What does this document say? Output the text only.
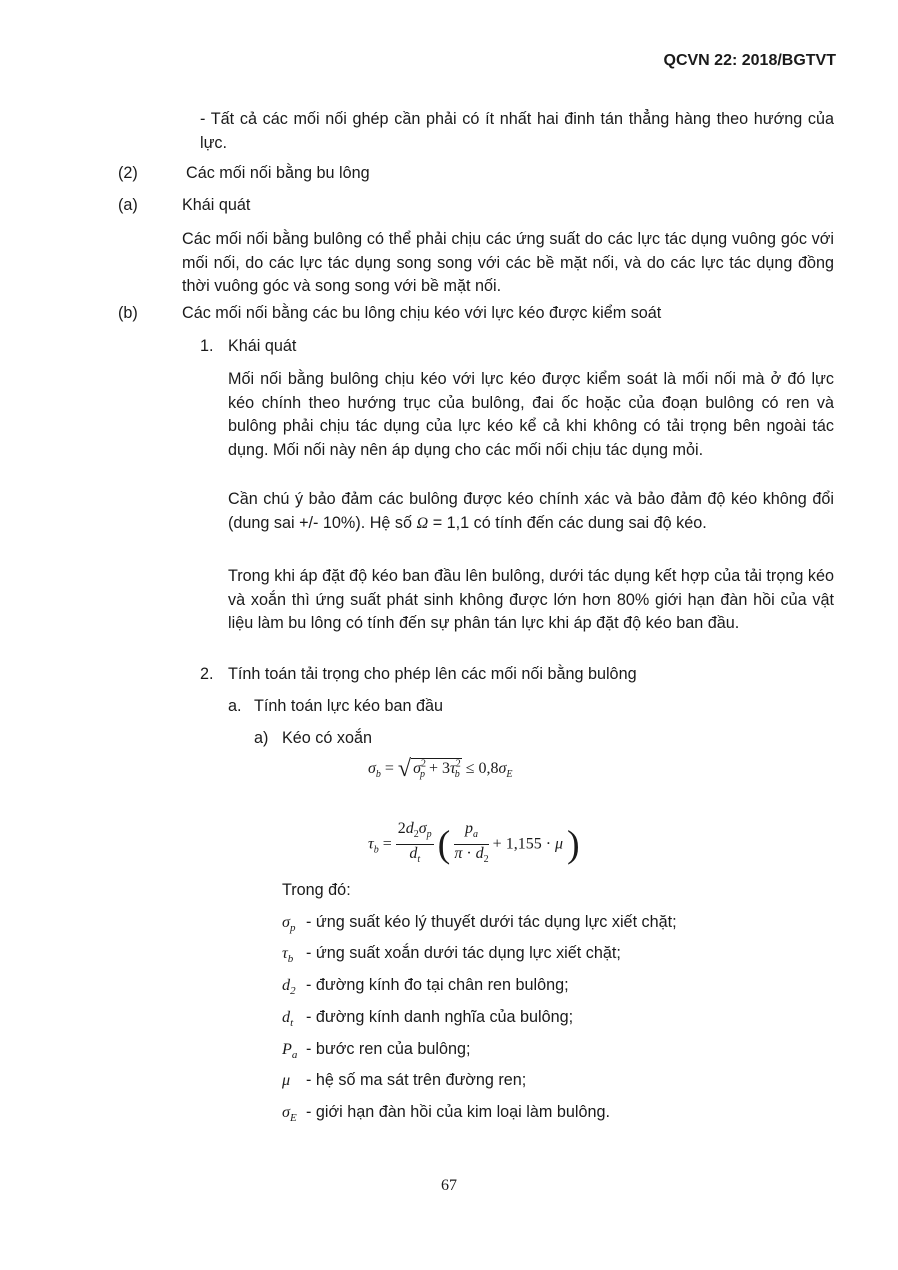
QCVN 22: 2018/BGTVT
- Tất cả các mối nối ghép cần phải có ít nhất hai đinh tán thẳng hàng theo hướng của lực.
(2)	Các mối nối bằng bu lông
(a)	Khái quát
Các mối nối bằng bulông có thể phải chịu các ứng suất do các lực tác dụng vuông góc với mối nối, do các lực tác dụng song song với các bề mặt nối, và do các lực tác dụng đồng thời vuông góc và song song với bề mặt nối.
(b)	Các mối nối bằng các bu lông chịu kéo với lực kéo được kiểm soát
1. Khái quát
Mối nối bằng bulông chịu kéo với lực kéo được kiểm soát là mối nối mà ở đó lực kéo chính theo hướng trục của bulông, đai ốc hoặc của đoạn bulông có ren và bulông phải chịu tác dụng của lực kéo kể cả khi không có tải trọng bên ngoài tác dụng. Mối nối này nên áp dụng cho các mối nối chịu tác dụng mỏi.
Cần chú ý bảo đảm các bulông được kéo chính xác và bảo đảm độ kéo không đổi (dung sai +/- 10%). Hệ số Ω = 1,1 có tính đến các dung sai độ kéo.
Trong khi áp đặt độ kéo ban đầu lên bulông, dưới tác dụng kết hợp của tải trọng kéo và xoắn thì ứng suất phát sinh không được lớn hơn 80% giới hạn đàn hồi của vật liệu làm bu lông có tính đến sự phân tán lực khi áp đặt độ kéo ban đầu.
2. Tính toán tải trọng cho phép lên các mối nối bằng bulông
a. Tính toán lực kéo ban đầu
a) Kéo có xoắn
$\sigma_b$ = √ $\sigma^2_p + 3\tau^2_b \le 0,8\sigma_E$
$\tau_b = \frac{2d_2\sigma_p}{d_t}$ ( $\frac{p_a}{\pi \cdot d_2} + 1,155 \cdot \mu$ )
Trong đó:
$\sigma_p$ - ứng suất kéo lý thuyết dưới tác dụng lực xiết chặt;
$\tau_b$ - ứng suất xoắn dưới tác dụng lực xiết chặt;
$d_2$ - đường kính đo tại chân ren bulông;
$d_t$ - đường kính danh nghĩa của bulông;
$P_a$ - bước ren của bulông;
μ - hệ số ma sát trên đường ren;
$\sigma_E$ - giới hạn đàn hồi của kim loại làm bulông.
67
